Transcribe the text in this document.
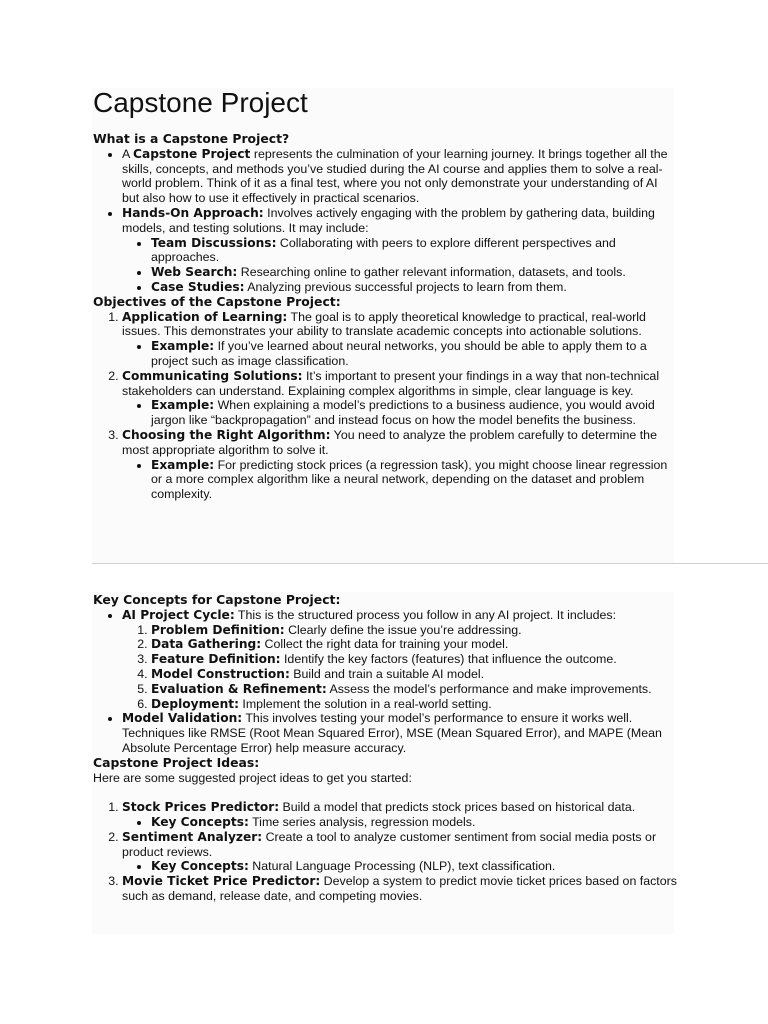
Capstone Project

What is a Capstone Project?

• A Capstone Project represents the culmination of your learning journey. It brings together all the skills, concepts, and methods you’ve studied during the AI course and applies them to solve a real-world problem. Think of it as a final test, where you not only demonstrate your understanding of AI but also how to use it effectively in practical scenarios.
• Hands-On Approach: Involves actively engaging with the problem by gathering data, building models, and testing solutions. It may include:
• Team Discussions: Collaborating with peers to explore different perspectives and approaches.
• Web Search: Researching online to gather relevant information, datasets, and tools.
• Case Studies: Analyzing previous successful projects to learn from them.

Objectives of the Capstone Project:

1. Application of Learning: The goal is to apply theoretical knowledge to practical, real-world issues. This demonstrates your ability to translate academic concepts into actionable solutions.
• Example: If you’ve learned about neural networks, you should be able to apply them to a project such as image classification.
2. Communicating Solutions: It’s important to present your findings in a way that non-technical stakeholders can understand. Explaining complex algorithms in simple, clear language is key.
• Example: When explaining a model’s predictions to a business audience, you would avoid jargon like “backpropagation” and instead focus on how the model benefits the business.
3. Choosing the Right Algorithm: You need to analyze the problem carefully to determine the most appropriate algorithm to solve it.
• Example: For predicting stock prices (a regression task), you might choose linear regression or a more complex algorithm like a neural network, depending on the dataset and problem complexity.

Key Concepts for Capstone Project:

• AI Project Cycle: This is the structured process you follow in any AI project. It includes:
1. Problem Definition: Clearly define the issue you’re addressing.
2. Data Gathering: Collect the right data for training your model.
3. Feature Definition: Identify the key factors (features) that influence the outcome.
4. Model Construction: Build and train a suitable AI model.
5. Evaluation & Refinement: Assess the model’s performance and make improvements.
6. Deployment: Implement the solution in a real-world setting.
• Model Validation: This involves testing your model’s performance to ensure it works well. Techniques like RMSE (Root Mean Squared Error), MSE (Mean Squared Error), and MAPE (Mean Absolute Percentage Error) help measure accuracy.

Capstone Project Ideas:

Here are some suggested project ideas to get you started:

1. Stock Prices Predictor: Build a model that predicts stock prices based on historical data.
• Key Concepts: Time series analysis, regression models.
2. Sentiment Analyzer: Create a tool to analyze customer sentiment from social media posts or product reviews.
• Key Concepts: Natural Language Processing (NLP), text classification.
3. Movie Ticket Price Predictor: Develop a system to predict movie ticket prices based on factors such as demand, release date, and competing movies.
